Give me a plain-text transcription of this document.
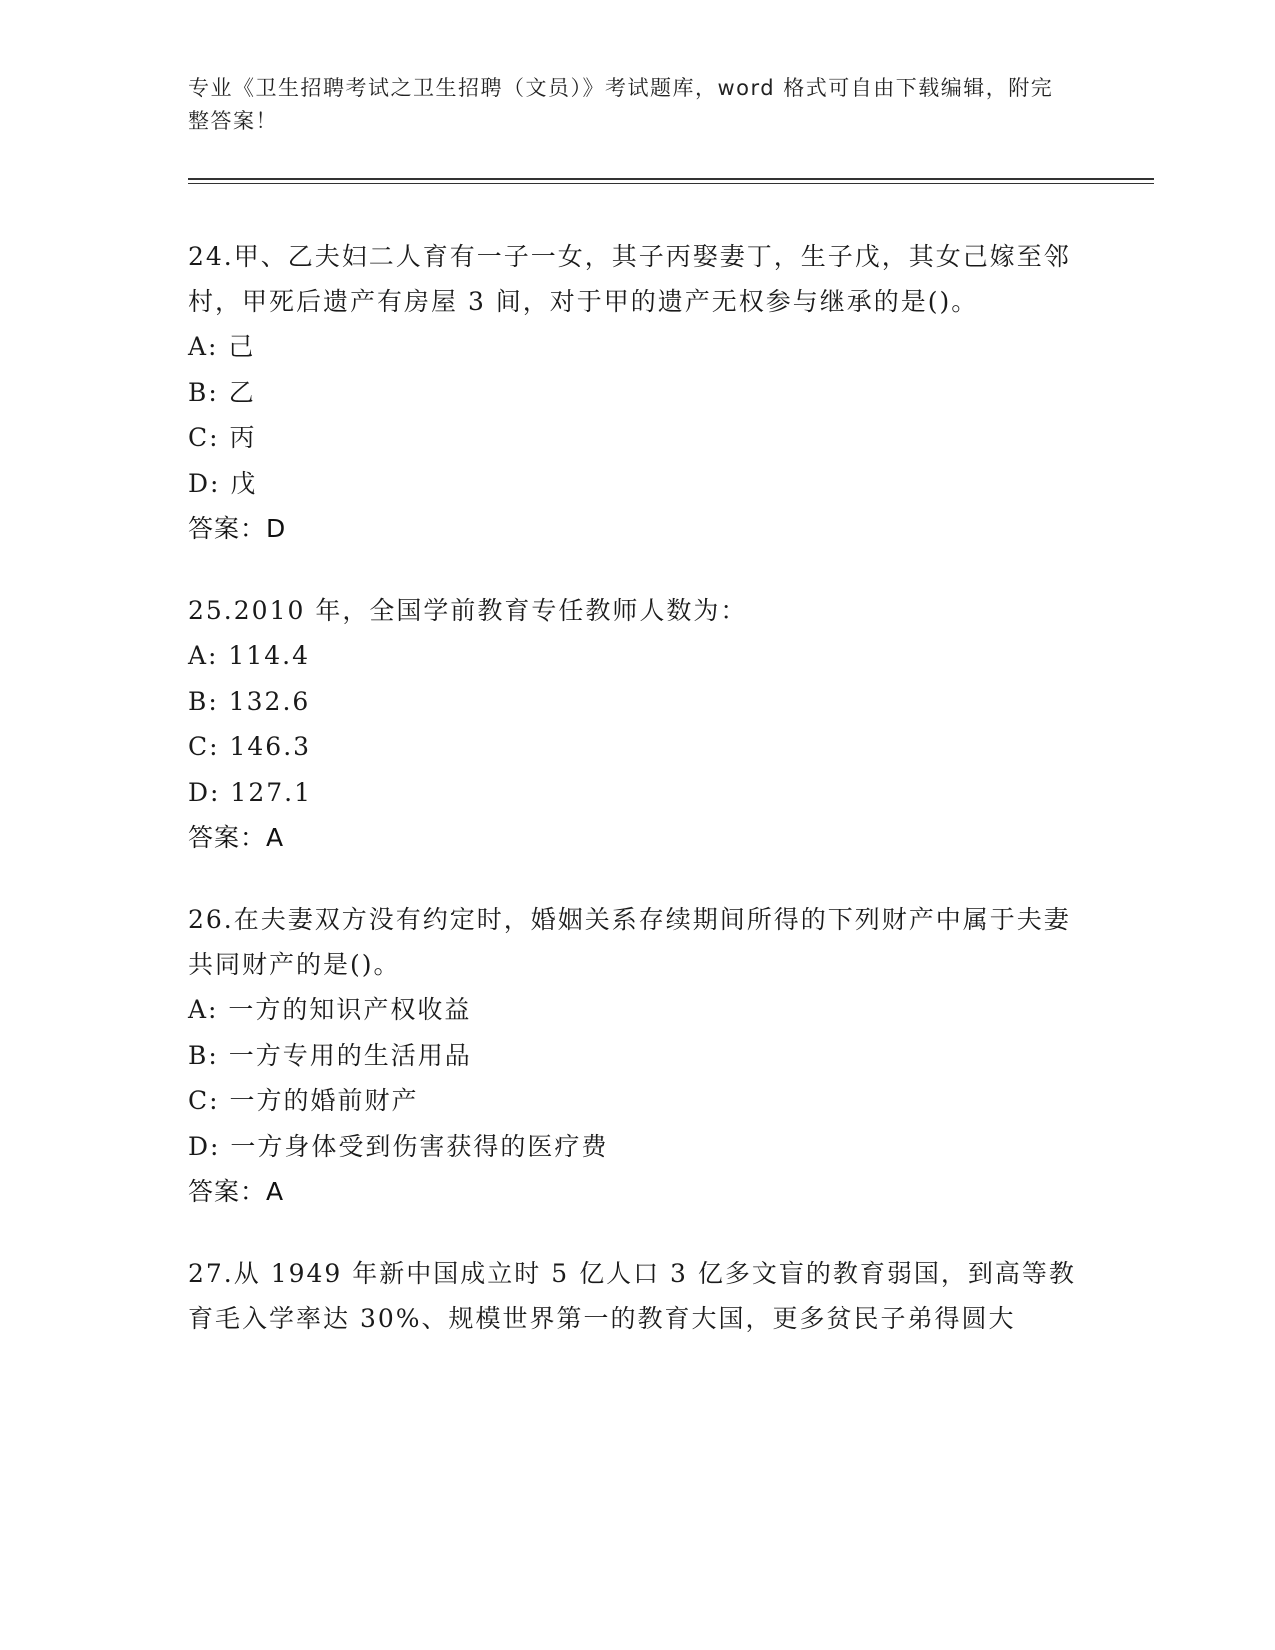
专业《卫生招聘考试之卫生招聘（文员）》考试题库，word 格式可自由下载编辑，附完整答案！
24.甲、乙夫妇二人育有一子一女，其子丙娶妻丁，生子戊，其女己嫁至邻村，甲死后遗产有房屋 3 间，对于甲的遗产无权参与继承的是()。
A: 己
B: 乙
C: 丙
D: 戊
答案：D
25.2010 年，全国学前教育专任教师人数为：
A: 114.4
B: 132.6
C: 146.3
D: 127.1
答案：A
26.在夫妻双方没有约定时，婚姻关系存续期间所得的下列财产中属于夫妻共同财产的是()。
A: 一方的知识产权收益
B: 一方专用的生活用品
C: 一方的婚前财产
D: 一方身体受到伤害获得的医疗费
答案：A
27.从 1949 年新中国成立时 5 亿人口 3 亿多文盲的教育弱国，到高等教育毛入学率达 30%、规模世界第一的教育大国，更多贫民子弟得圆大
